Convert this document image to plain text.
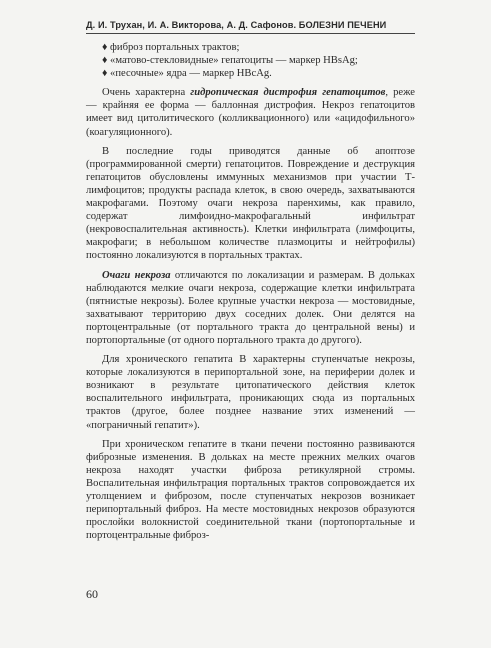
Д. И. Трухан, И. А. Викторова, А. Д. Сафонов. БОЛЕЗНИ ПЕЧЕНИ

♦ фиброз портальных трактов;

♦ «матово-стекловидные» гепатоциты — маркер HBsAg;

♦ «песочные» ядра — маркер HBcAg.

Очень характерна гидропическая дистрофия гепатоцитов, реже — крайняя ее форма — баллонная дистрофия. Некроз гепатоцитов имеет вид цитолитического (колликвационного) или «ацидофильного» (коагуляционного).

В последние годы приводятся данные об апоптозе (программированной смерти) гепатоцитов. Повреждение и деструкция гепатоцитов обусловлены иммунных механизмов при участии Т-лимфоцитов; продукты распада клеток, в свою очередь, захватываются макрофагами. Поэтому очаги некроза паренхимы, как правило, содержат лимфоидно-макрофагальный инфильтрат (некровоспалительная активность). Клетки инфильтрата (лимфоциты, макрофаги; в небольшом количестве плазмоциты и нейтрофилы) постоянно локализуются в портальных трактах.

Очаги некроза отличаются по локализации и размерам. В дольках наблюдаются мелкие очаги некроза, содержащие клетки инфильтрата (пятнистые некрозы). Более крупные участки некроза — мостовидные, захватывают территорию двух соседних долек. Они делятся на портоцентральные (от портального тракта до центральной вены) и портопортальные (от одного портального тракта до другого).

Для хронического гепатита В характерны ступенчатые некрозы, которые локализуются в перипортальной зоне, на периферии долек и возникают в результате цитопатического действия клеток воспалительного инфильтрата, проникающих сюда из портальных трактов (другое, более позднее название этих изменений — «пограничный гепатит»).

При хроническом гепатите в ткани печени постоянно развиваются фиброзные изменения. В дольках на месте прежних мелких очагов некроза находят участки фиброза ретикулярной стромы. Воспалительная инфильтрация портальных трактов сопровождается их утолщением и фиброзом, после ступенчатых некрозов возникает перипортальный фиброз. На месте мостовидных некрозов образуются прослойки волокнистой соединительной ткани (портопортальные и портоцентральные фиброз-

60
